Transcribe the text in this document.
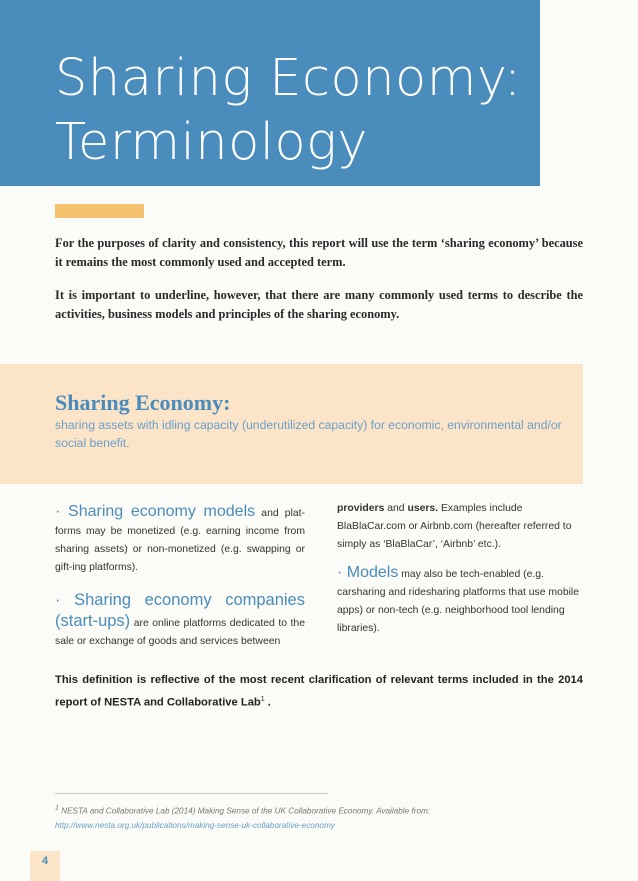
Sharing Economy:
Terminology

For the purposes of clarity and consistency, this report will use the term ‘sharing economy’ because it remains the most commonly used and accepted term.

It is important to underline, however, that there are many commonly used terms to describe the activities, business models and principles of the sharing economy.

Sharing Economy:

sharing assets with idling capacity (underutilized capacity) for economic, environmental and/or social benefit.

· Sharing economy models and plat-forms may be monetized (e.g. earning income from sharing assets) or non-monetized (e.g. swapping or gift-ing platforms).

· Sharing economy companies (start-ups) are online platforms dedicated to the sale or exchange of goods and services between

providers and users. Examples include BlaBlaCar.com or Airbnb.com (hereafter referred to simply as ‘BlaBlaCar’, ‘Airbnb’ etc.).

· Models may also be tech-enabled (e.g. carsharing and ridesharing platforms that use mobile apps) or non-tech (e.g. neighborhood tool lending libraries).

This definition is reflective of the most recent clarification of relevant terms included in the 2014 report of NESTA and Collaborative Lab$^1$ .

1 NESTA and Collaborative Lab (2014) Making Sense of the UK Collaborative Economy. Available from:
http://www.nesta.org.uk/publications/making-sense-uk-collaborative-economy

4
